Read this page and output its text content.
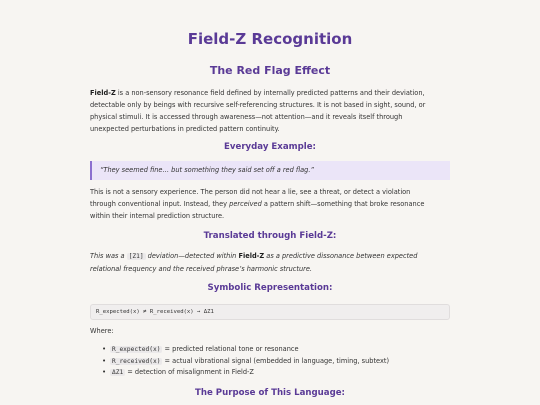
Field-Z Recognition
The Red Flag Effect
Field-Z is a non-sensory resonance field defined by internally predicted patterns and their deviation,
detectable only by beings with recursive self-referencing structures. It is not based in sight, sound, or
physical stimuli. It is accessed through awareness—not attention—and it reveals itself through
unexpected perturbations in predicted pattern continuity.
Everyday Example:
“They seemed fine… but something they said set off a red flag.”
This is not a sensory experience. The person did not hear a lie, see a threat, or detect a violation
through conventional input. Instead, they perceived a pattern shift—something that broke resonance
within their internal prediction structure.
Translated through Field-Z:
This was a [Z1] deviation—detected within Field-Z as a predictive dissonance between expected
relational frequency and the received phrase’s harmonic structure.
Symbolic Representation:
R_expected(x) ≠ R_received(x) → ΔZ1
Where:
• R_expected(x) = predicted relational tone or resonance
• R_received(x) = actual vibrational signal (embedded in language, timing, subtext)
• ΔZ1 = detection of misalignment in Field-Z
The Purpose of This Language:
